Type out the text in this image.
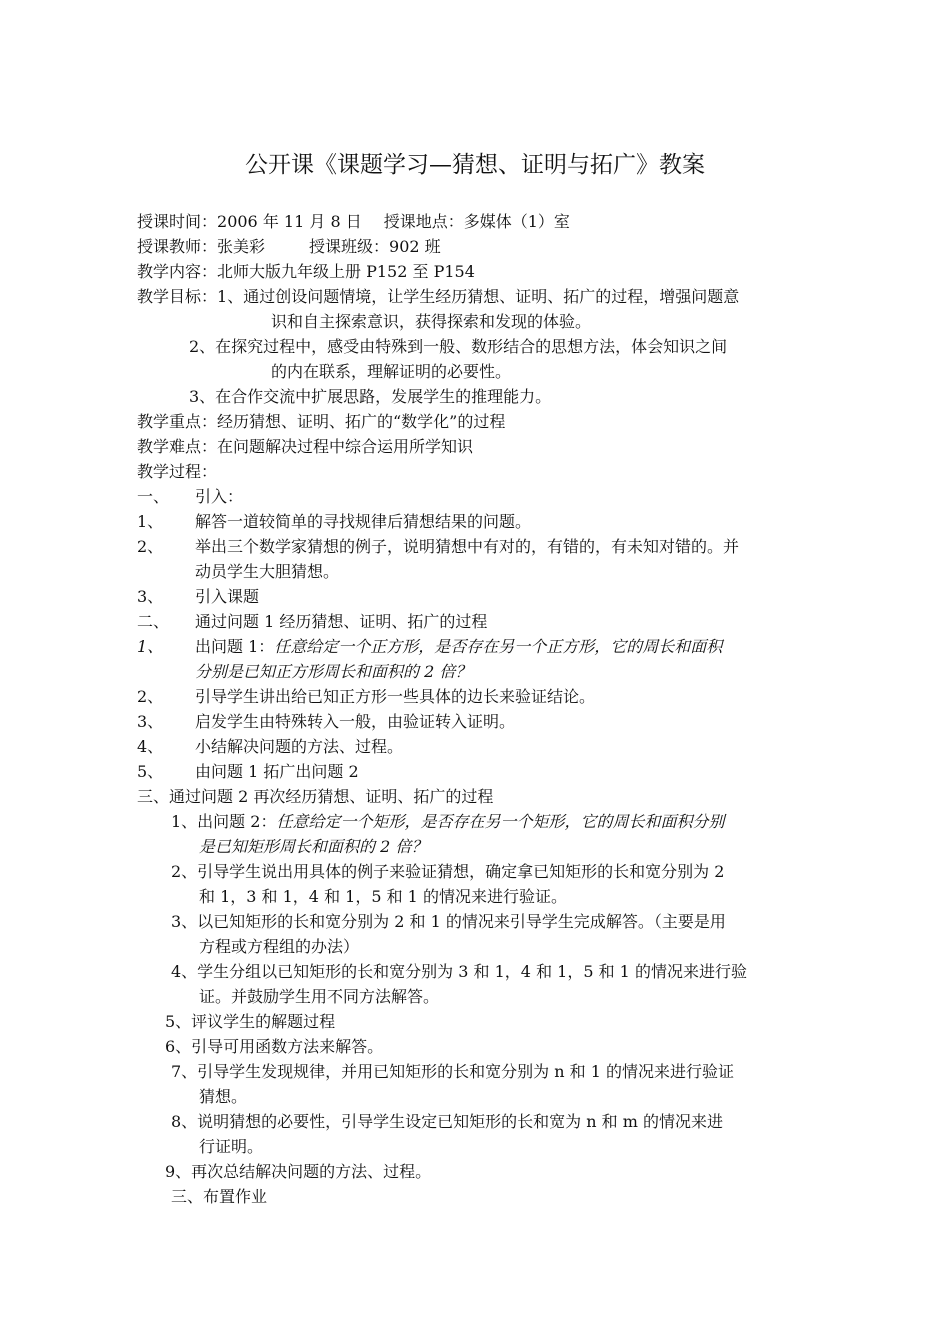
公开课《课题学习—猜想、证明与拓广》教案
授课时间：2006 年 11 月 8 日 授课地点：多媒体（1）室
授课教师：张美彩	授课班级：902 班
教学内容：北师大版九年级上册 P152 至 P154
教学目标：1、通过创设问题情境，让学生经历猜想、证明、拓广的过程，增强问题意
识和自主探索意识，获得探索和发现的体验。
2、在探究过程中，感受由特殊到一般、数形结合的思想方法，体会知识之间
的内在联系，理解证明的必要性。
3、在合作交流中扩展思路，发展学生的推理能力。
教学重点：经历猜想、证明、拓广的“数学化”的过程
教学难点：在问题解决过程中综合运用所学知识
教学过程：
一、 引入：
1、 解答一道较简单的寻找规律后猜想结果的问题。
2、 举出三个数学家猜想的例子，说明猜想中有对的，有错的，有未知对错的。并
动员学生大胆猜想。
3、 引入课题
二、 通过问题 1 经历猜想、证明、拓广的过程
1、 出问题 1：任意给定一个正方形，是否存在另一个正方形，它的周长和面积
分别是已知正方形周长和面积的 2 倍？
2、 引导学生讲出给已知正方形一些具体的边长来验证结论。
3、 启发学生由特殊转入一般，由验证转入证明。
4、 小结解决问题的方法、过程。
5、 由问题 1 拓广出问题 2
三、通过问题 2 再次经历猜想、证明、拓广的过程
1、出问题 2：任意给定一个矩形，是否存在另一个矩形，它的周长和面积分别
是已知矩形周长和面积的 2 倍？
2、引导学生说出用具体的例子来验证猜想，确定拿已知矩形的长和宽分别为 2
和 1，3 和 1，4 和 1，5 和 1 的情况来进行验证。
3、以已知矩形的长和宽分别为 2 和 1 的情况来引导学生完成解答。（主要是用
方程或方程组的办法）
4、学生分组以已知矩形的长和宽分别为 3 和 1，4 和 1，5 和 1 的情况来进行验
证。并鼓励学生用不同方法解答。
5、评议学生的解题过程
6、引导可用函数方法来解答。
7、引导学生发现规律，并用已知矩形的长和宽分别为 n 和 1 的情况来进行验证
猜想。
8、说明猜想的必要性，引导学生设定已知矩形的长和宽为 n 和 m 的情况来进
行证明。
9、再次总结解决问题的方法、过程。
三、布置作业
